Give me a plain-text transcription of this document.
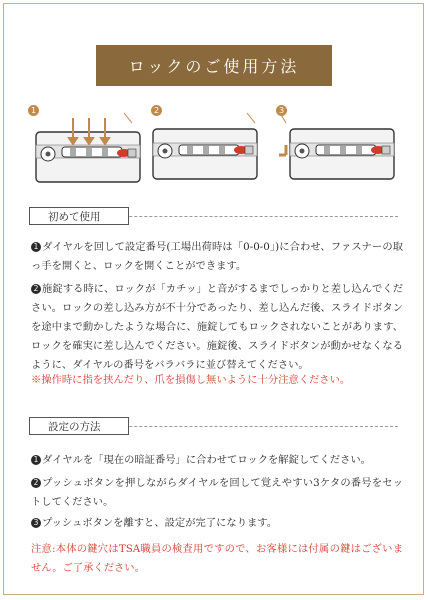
ロックのご使用方法
1	2	3
初めて使用

1 ダイヤルを回して設定番号(工場出荷時は「0-0-0」)に合わせ、ファスナーの取っ手を開くと、ロックを開くことができます。

2 施錠する時に、ロックが「カチッ」と音がするまでしっかりと差し込んでください。ロックの差し込み方が不十分であったり、差し込んだ後、スライドボタンを途中まで動かしたような場合に、施錠してもロックされないことがあります、ロックを確実に差し込んでください。施錠後、スライドボタンが動かせなくなるように、ダイヤルの番号をバラバラに並び替えてください。

※操作時に指を挟んだり、爪を損傷し無いように十分注意ください。

設定の方法

1 ダイヤルを「現在の暗証番号」に合わせてロックを解錠してください。

2 プッシュボタンを押しながらダイヤルを回して覚えやすい3ケタの番号をセットしてください。

3 プッシュボタンを離すと、設定が完了になります。

注意:本体の鍵穴はTSA職員の検査用ですので、お客様には付属の鍵はございません。ご了承ください。
